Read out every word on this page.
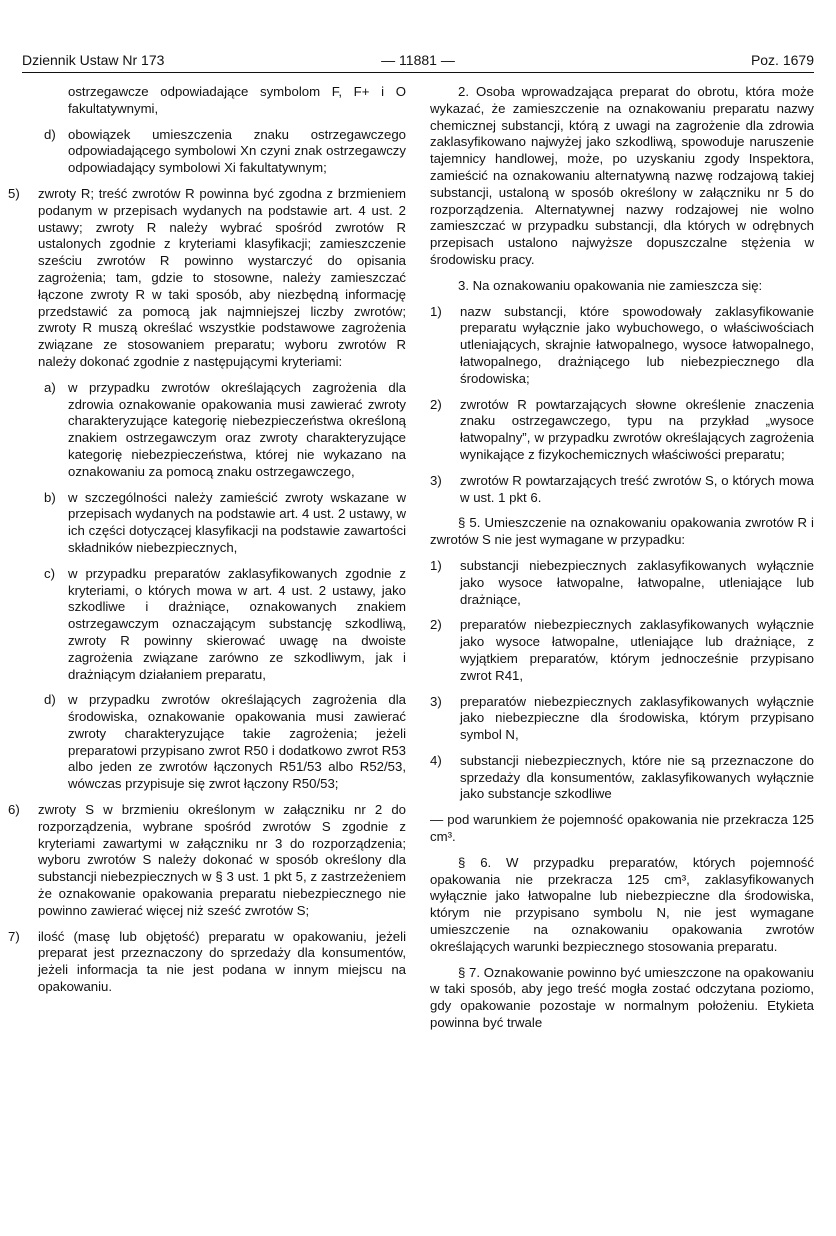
Dziennik Ustaw Nr 173	— 11881 —	Poz. 1679

ostrzegawcze odpowiadające symbolom F, F+ i O fakultatywnymi,

d) obowiązek umieszczenia znaku ostrzegawczego odpowiadającego symbolowi Xn czyni znak ostrzegawczy odpowiadający symbolowi Xi fakultatywnym;
5) zwroty R; treść zwrotów R powinna być zgodna z brzmieniem podanym w przepisach wydanych na podstawie art. 4 ust. 2 ustawy; zwroty R należy wybrać spośród zwrotów R ustalonych zgodnie z kryteriami klasyfikacji; zamieszczenie sześciu zwrotów R powinno wystarczyć do opisania zagrożenia; tam, gdzie to stosowne, należy zamieszczać łączone zwroty R w taki sposób, aby niezbędną informację przedstawić za pomocą jak najmniejszej liczby zwrotów; zwroty R muszą określać wszystkie podstawowe zagrożenia związane ze stosowaniem preparatu; wyboru zwrotów R należy dokonać zgodnie z następującymi kryteriami:
a) w przypadku zwrotów określających zagrożenia dla zdrowia oznakowanie opakowania musi zawierać zwroty charakteryzujące kategorię niebezpieczeństwa określoną znakiem ostrzegawczym oraz zwroty charakteryzujące kategorię niebezpieczeństwa, której nie wykazano na oznakowaniu za pomocą znaku ostrzegawczego,
b) w szczególności należy zamieścić zwroty wskazane w przepisach wydanych na podstawie art. 4 ust. 2 ustawy, w ich części dotyczącej klasyfikacji na podstawie zawartości składników niebezpiecznych,
c) w przypadku preparatów zaklasyfikowanych zgodnie z kryteriami, o których mowa w art. 4 ust. 2 ustawy, jako szkodliwe i drażniące, oznakowanych znakiem ostrzegawczym oznaczającym substancję szkodliwą, zwroty R powinny skierować uwagę na dwoiste zagrożenia związane zarówno ze szkodliwym, jak i drażniącym działaniem preparatu,
d) w przypadku zwrotów określających zagrożenia dla środowiska, oznakowanie opakowania musi zawierać zwroty charakteryzujące takie zagrożenia; jeżeli preparatowi przypisano zwrot R50 i dodatkowo zwrot R53 albo jeden ze zwrotów łączonych R51/53 albo R52/53, wówczas przypisuje się zwrot łączony R50/53;
6) zwroty S w brzmieniu określonym w załączniku nr 2 do rozporządzenia, wybrane spośród zwrotów S zgodnie z kryteriami zawartymi w załączniku nr 3 do rozporządzenia; wyboru zwrotów S należy dokonać w sposób określony dla substancji niebezpiecznych w § 3 ust. 1 pkt 5, z zastrzeżeniem że oznakowanie opakowania preparatu niebezpiecznego nie powinno zawierać więcej niż sześć zwrotów S;
7) ilość (masę lub objętość) preparatu w opakowaniu, jeżeli preparat jest przeznaczony do sprzedaży dla konsumentów, jeżeli informacja ta nie jest podana w innym miejscu na opakowaniu.

2. Osoba wprowadzająca preparat do obrotu, która może wykazać, że zamieszczenie na oznakowaniu preparatu nazwy chemicznej substancji, którą z uwagi na zagrożenie dla zdrowia zaklasyfikowano najwyżej jako szkodliwą, spowoduje naruszenie tajemnicy handlowej, może, po uzyskaniu zgody Inspektora, zamieścić na oznakowaniu alternatywną nazwę rodzajową takiej substancji, ustaloną w sposób określony w załączniku nr 5 do rozporządzenia. Alternatywnej nazwy rodzajowej nie wolno zamieszczać w przypadku substancji, dla których w odrębnych przepisach ustalono najwyższe dopuszczalne stężenia w środowisku pracy.

3. Na oznakowaniu opakowania nie zamieszcza się:

1) nazw substancji, które spowodowały zaklasyfikowanie preparatu wyłącznie jako wybuchowego, o właściwościach utleniających, skrajnie łatwopalnego, wysoce łatwopalnego, łatwopalnego, drażniącego lub niebezpiecznego dla środowiska;
2) zwrotów R powtarzających słowne określenie znaczenia znaku ostrzegawczego, typu na przykład „wysoce łatwopalny”, w przypadku zwrotów określających zagrożenia wynikające z fizykochemicznych właściwości preparatu;
3) zwrotów R powtarzających treść zwrotów S, o których mowa w ust. 1 pkt 6.

§ 5. Umieszczenie na oznakowaniu opakowania zwrotów R i zwrotów S nie jest wymagane w przypadku:

1) substancji niebezpiecznych zaklasyfikowanych wyłącznie jako wysoce łatwopalne, łatwopalne, utleniające lub drażniące,
2) preparatów niebezpiecznych zaklasyfikowanych wyłącznie jako wysoce łatwopalne, utleniające lub drażniące, z wyjątkiem preparatów, którym jednocześnie przypisano zwrot R41,
3) preparatów niebezpiecznych zaklasyfikowanych wyłącznie jako niebezpieczne dla środowiska, którym przypisano symbol N,
4) substancji niebezpiecznych, które nie są przeznaczone do sprzedaży dla konsumentów, zaklasyfikowanych wyłącznie jako substancje szkodliwe

— pod warunkiem że pojemność opakowania nie przekracza 125 cm³.

§ 6. W przypadku preparatów, których pojemność opakowania nie przekracza 125 cm³, zaklasyfikowanych wyłącznie jako łatwopalne lub niebezpieczne dla środowiska, którym nie przypisano symbolu N, nie jest wymagane umieszczenie na oznakowaniu opakowania zwrotów określających warunki bezpiecznego stosowania preparatu.

§ 7. Oznakowanie powinno być umieszczone na opakowaniu w taki sposób, aby jego treść mogła zostać odczytana poziomo, gdy opakowanie pozostaje w normalnym położeniu. Etykieta powinna być trwale
